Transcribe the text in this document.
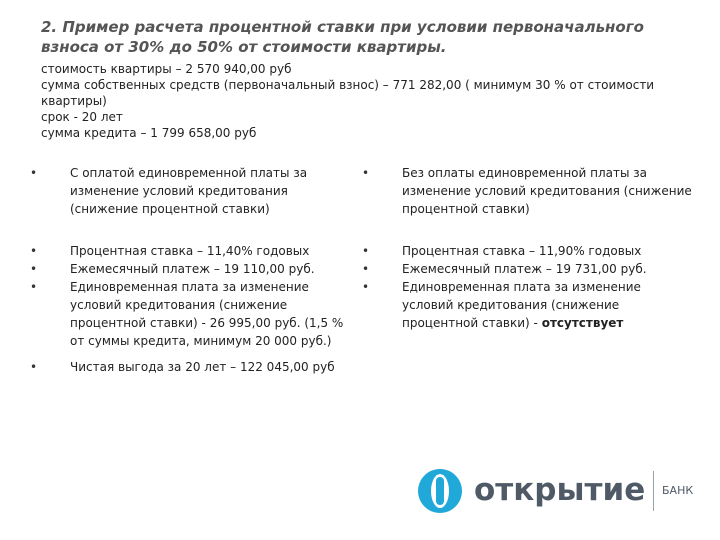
2. Пример расчета процентной ставки при условии первоначального взноса от 30% до 50% от стоимости квартиры.
стоимость квартиры – 2 570 940,00 руб
сумма собственных средств (первоначальный взнос) – 771 282,00 ( минимум 30 % от стоимости квартиры)
срок - 20 лет
сумма кредита – 1 799 658,00 руб
•	С оплатой единовременной платы за изменение условий кредитования (снижение процентной ставки)
•	Процентная ставка – 11,40% годовых
•	Ежемесячный платеж – 19 110,00 руб.
•	Единовременная плата за изменение условий кредитования (снижение процентной ставки) - 26 995,00 руб. (1,5 % от суммы кредита, минимум 20 000 руб.)
•	Чистая выгода за 20 лет – 122 045,00 руб
•	Без оплаты единовременной платы за изменение условий кредитования (снижение процентной ставки)
•	Процентная ставка – 11,90% годовых
•	Ежемесячный платеж – 19 731,00 руб.
•	Единовременная плата за изменение условий кредитования (снижение процентной ставки) - отсутствует
открытие БАНК
